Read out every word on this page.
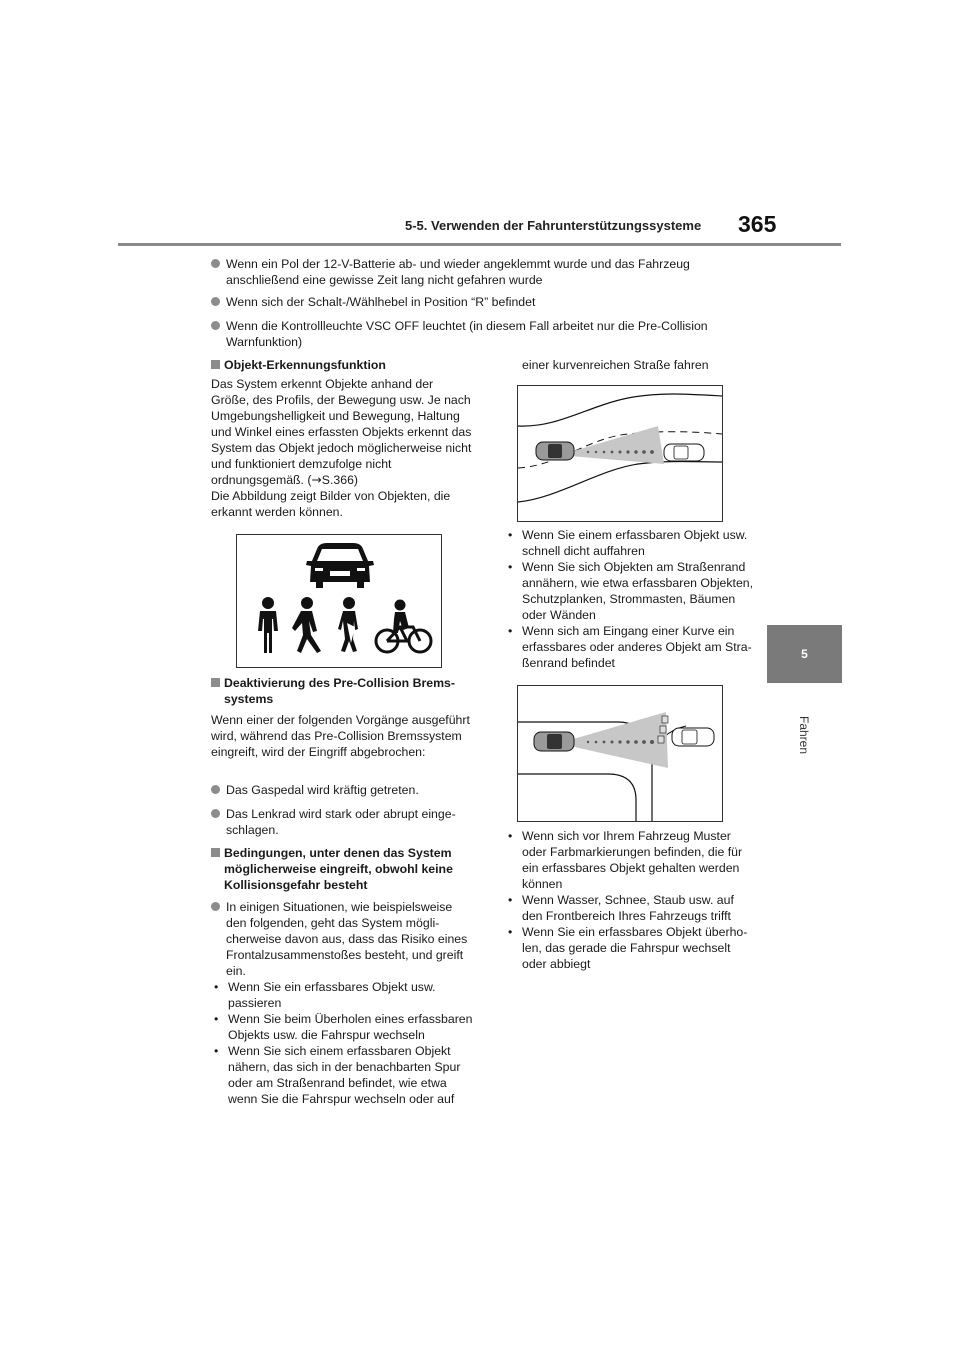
5-5. Verwenden der Fahrunterstützungssysteme 365
5
Fahren
Wenn ein Pol der 12-V-Batterie ab- und wieder angeklemmt wurde und das Fahrzeug anschließend eine gewisse Zeit lang nicht gefahren wurde
Wenn sich der Schalt-/Wählhebel in Position “R” befindet
Wenn die Kontrollleuchte VSC OFF leuchtet (in diesem Fall arbeitet nur die Pre-Collision Warnfunktion)
Objekt-Erkennungsfunktion
Das System erkennt Objekte anhand der Größe, des Profils, der Bewegung usw. Je nach Umgebungshelligkeit und Bewegung, Haltung und Winkel eines erfassten Objekts erkennt das System das Objekt jedoch möglicherweise nicht und funktioniert demzufolge nicht ordnungsgemäß. (→S.366)
Die Abbildung zeigt Bilder von Objekten, die erkannt werden können.
Deaktivierung des Pre-Collision Bremssystems
Wenn einer der folgenden Vorgänge ausgeführt wird, während das Pre-Collision Bremssystem eingreift, wird der Eingriff abgebrochen:
Das Gaspedal wird kräftig getreten.
Das Lenkrad wird stark oder abrupt eingeschlagen.
Bedingungen, unter denen das System möglicherweise eingreift, obwohl keine Kollisionsgefahr besteht
In einigen Situationen, wie beispielsweise den folgenden, geht das System möglicherweise davon aus, dass das Risiko eines Frontalzusammenstoßes besteht, und greift ein.
• Wenn Sie ein erfassbares Objekt usw. passieren
• Wenn Sie beim Überholen eines erfassbaren Objekts usw. die Fahrspur wechseln
• Wenn Sie sich einem erfassbaren Objekt nähern, das sich in der benachbarten Spur oder am Straßenrand befindet, wie etwa wenn Sie die Fahrspur wechseln oder auf
einer kurvenreichen Straße fahren
• Wenn Sie einem erfassbaren Objekt usw. schnell dicht auffahren
• Wenn Sie sich Objekten am Straßenrand annähern, wie etwa erfassbaren Objekten, Schutzplanken, Strommasten, Bäumen oder Wänden
• Wenn sich am Eingang einer Kurve ein erfassbares oder anderes Objekt am Straßenrand befindet
• Wenn sich vor Ihrem Fahrzeug Muster oder Farbmarkierungen befinden, die für ein erfassbares Objekt gehalten werden können
• Wenn Wasser, Schnee, Staub usw. auf den Frontbereich Ihres Fahrzeugs trifft
• Wenn Sie ein erfassbares Objekt überholen, das gerade die Fahrspur wechselt oder abbiegt
